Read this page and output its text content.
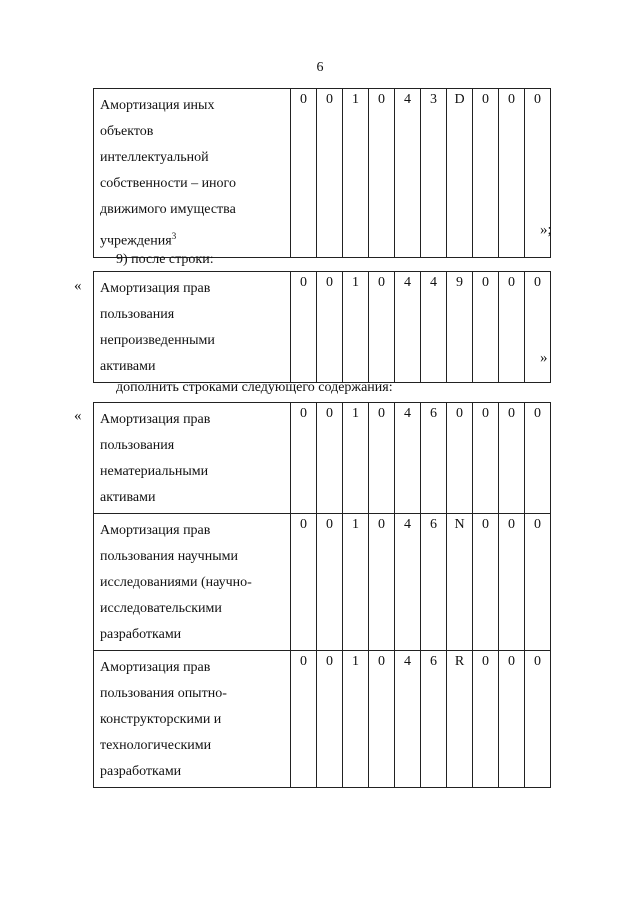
6
Амортизация иных
объектов
интеллектуальной
собственности – иного
движимого имущества
учреждения$^3$	
0	0	1	0	4	3	D	0	0	0
»;
9) после строки:
« Амортизация прав
пользования
непроизведенными
активами	
0	0	1	0	4	4	9	0	0	0
»
дополнить строками следующего содержания:
« Амортизация прав
пользования
нематериальными
активами	0	0	1	0	4	6	0	0	0	0

Амортизация прав
пользования научными
исследованиями (научно-
исследовательскими
разработками	0	0	1	0	4	6	N	0	0	0

Амортизация прав
пользования опытно-
конструкторскими и
технологическими
разработками	0	0	1	0	4	6	R	0	0	0
